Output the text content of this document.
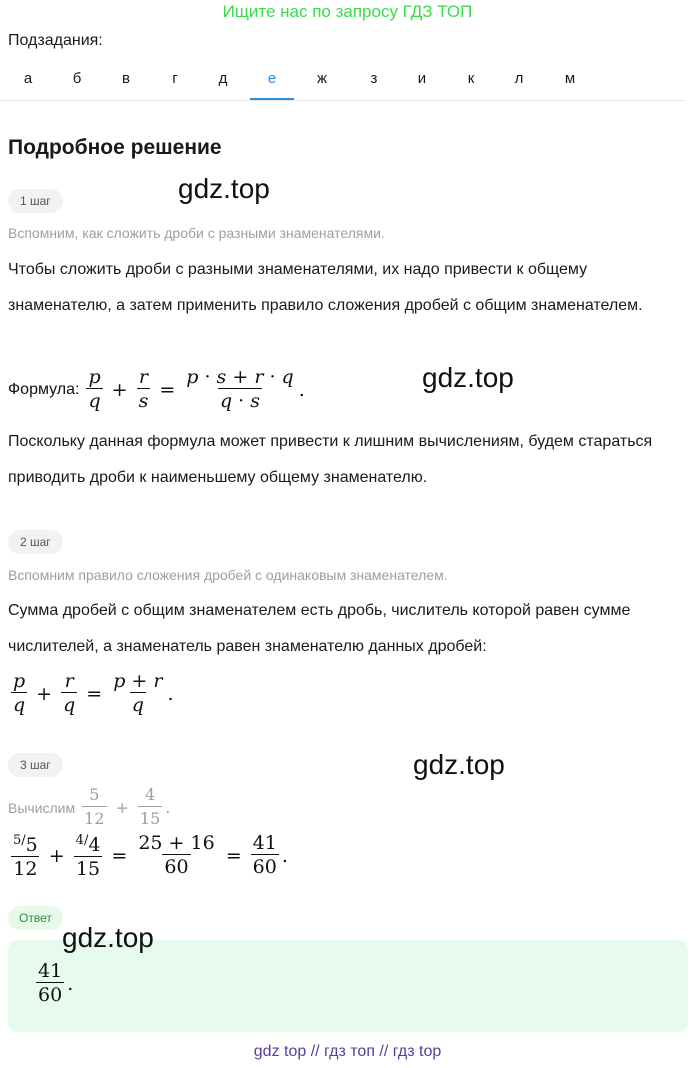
Ищите нас по запросу ГДЗ ТОП
Подзадания:
а	б	в	г	д	е	ж	з	и	к	л	м
Подробное решение
1 шаг	gdz.top
Вспомним, как сложить дроби с разными знаменателями.
Чтобы сложить дроби с разными знаменателями, их надо привести к общему знаменателю, а затем применить правило сложения дробей с общим знаменателем.
Формула: $\frac{p}{q} + \frac{r}{s} = \frac{p \cdot s + r \cdot q}{q \cdot s}$ .	gdz.top
Поскольку данная формула может привести к лишним вычислениям, будем стараться приводить дроби к наименьшему общему знаменателю.
2 шаг
Вспомним правило сложения дробей с одинаковым знаменателем.
Сумма дробей с общим знаменателем есть дробь, числитель которой равен сумме числителей, а знаменатель равен знаменателю данных дробей:
$\frac{p}{q} + \frac{r}{q} = \frac{p + r}{q}$ .
3 шаг	gdz.top
Вычислим $\frac{5}{12} + \frac{4}{15}$ .
$\frac{^{5/}5}{12} + \frac{^{4/}4}{15} = \frac{25 + 16}{60} = \frac{41}{60}$ .
Ответ
$\frac{41}{60}$ .
gdz.top
gdz top // гдз топ // гдз top
